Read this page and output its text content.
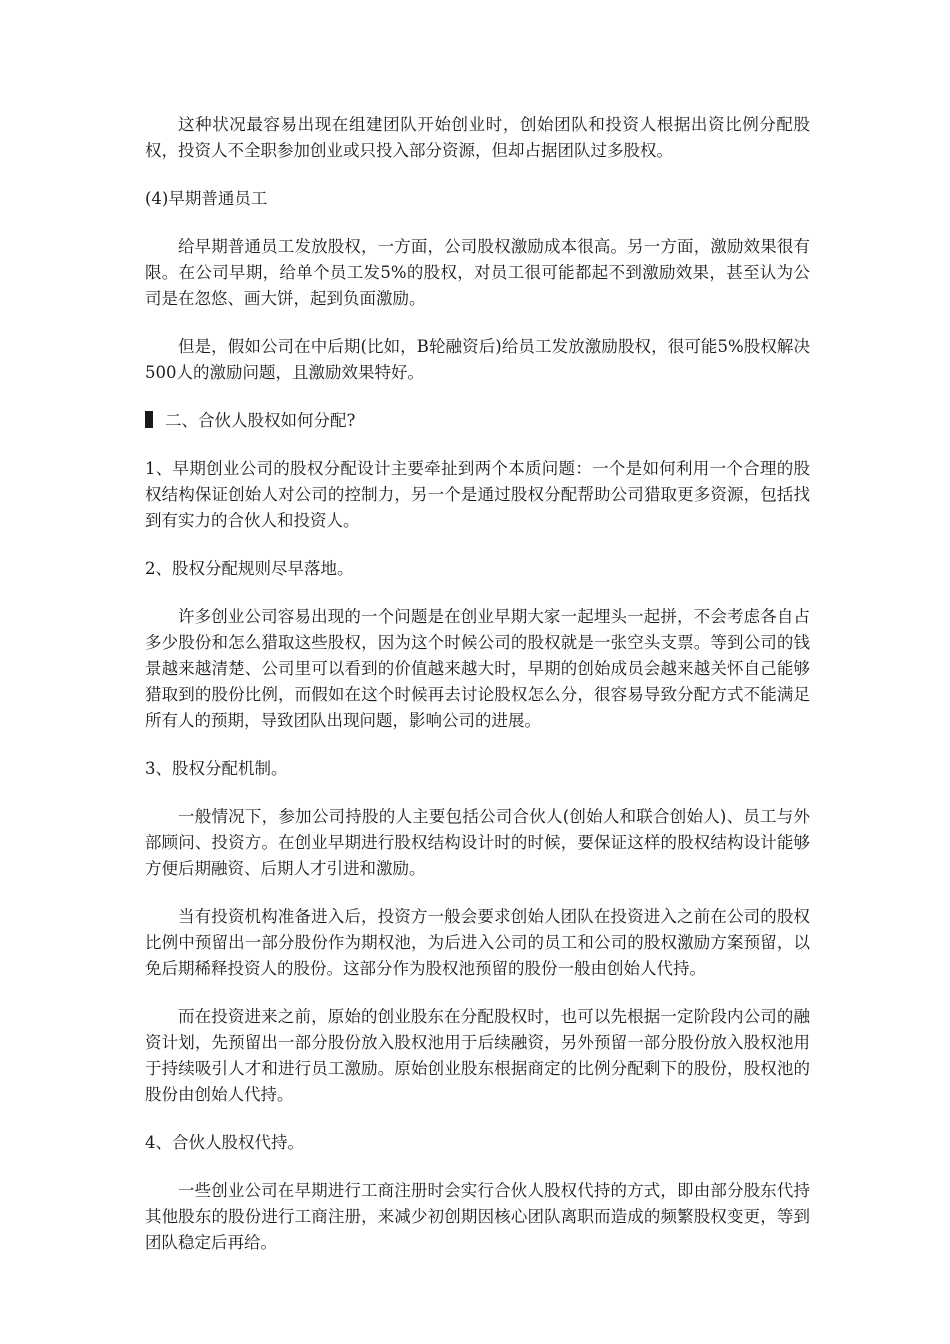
这种状况最容易出现在组建团队开始创业时，创始团队和投资人根据出资比例分配股权，投资人不全职参加创业或只投入部分资源，但却占据团队过多股权。

(4)早期普通员工

给早期普通员工发放股权，一方面，公司股权激励成本很高。另一方面，激励效果很有限。在公司早期，给单个员工发5%的股权，对员工很可能都起不到激励效果，甚至认为公司是在忽悠、画大饼，起到负面激励。

但是，假如公司在中后期(比如，B轮融资后)给员工发放激励股权，很可能5%股权解决500人的激励问题，且激励效果特好。

二、合伙人股权如何分配?

1、早期创业公司的股权分配设计主要牵扯到两个本质问题：一个是如何利用一个合理的股权结构保证创始人对公司的控制力，另一个是通过股权分配帮助公司猎取更多资源，包括找到有实力的合伙人和投资人。

2、股权分配规则尽早落地。

许多创业公司容易出现的一个问题是在创业早期大家一起埋头一起拼，不会考虑各自占多少股份和怎么猎取这些股权，因为这个时候公司的股权就是一张空头支票。等到公司的钱景越来越清楚、公司里可以看到的价值越来越大时，早期的创始成员会越来越关怀自己能够猎取到的股份比例，而假如在这个时候再去讨论股权怎么分，很容易导致分配方式不能满足所有人的预期，导致团队出现问题，影响公司的进展。

3、股权分配机制。

一般情况下，参加公司持股的人主要包括公司合伙人(创始人和联合创始人)、员工与外部顾问、投资方。在创业早期进行股权结构设计时的时候，要保证这样的股权结构设计能够方便后期融资、后期人才引进和激励。

当有投资机构准备进入后，投资方一般会要求创始人团队在投资进入之前在公司的股权比例中预留出一部分股份作为期权池，为后进入公司的员工和公司的股权激励方案预留，以免后期稀释投资人的股份。这部分作为股权池预留的股份一般由创始人代持。

而在投资进来之前，原始的创业股东在分配股权时，也可以先根据一定阶段内公司的融资计划，先预留出一部分股份放入股权池用于后续融资，另外预留一部分股份放入股权池用于持续吸引人才和进行员工激励。原始创业股东根据商定的比例分配剩下的股份，股权池的股份由创始人代持。

4、合伙人股权代持。

一些创业公司在早期进行工商注册时会实行合伙人股权代持的方式，即由部分股东代持其他股东的股份进行工商注册，来减少初创期因核心团队离职而造成的频繁股权变更，等到团队稳定后再给。
